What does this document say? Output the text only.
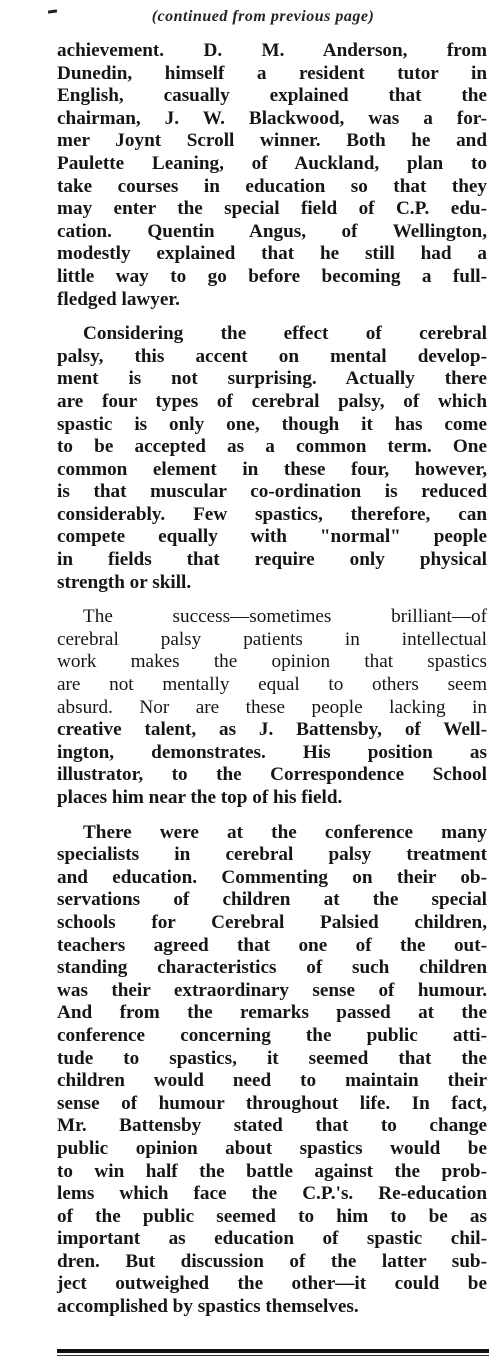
(continued from previous page)

achievement. D. M. Anderson, from
Dunedin, himself a resident tutor in
English, casually explained that the
chairman, J. W. Blackwood, was a for-
mer Joynt Scroll winner. Both he and
Paulette Leaning, of Auckland, plan to
take courses in education so that they
may enter the special field of C.P. edu-
cation. Quentin Angus, of Wellington,
modestly explained that he still had a
little way to go before becoming a full-
fledged lawyer.

Considering the effect of cerebral
palsy, this accent on mental develop-
ment is not surprising. Actually there
are four types of cerebral palsy, of which
spastic is only one, though it has come
to be accepted as a common term. One
common element in these four, however,
is that muscular co-ordination is reduced
considerably. Few spastics, therefore, can
compete equally with "normal" people
in fields that require only physical
strength or skill.

The success—sometimes brilliant—of
cerebral palsy patients in intellectual
work makes the opinion that spastics
are not mentally equal to others seem
absurd. Nor are these people lacking in
creative talent, as J. Battensby, of Well-
ington, demonstrates. His position as
illustrator, to the Correspondence School
places him near the top of his field.

There were at the conference many
specialists in cerebral palsy treatment
and education. Commenting on their ob-
servations of children at the special
schools for Cerebral Palsied children,
teachers agreed that one of the out-
standing characteristics of such children
was their extraordinary sense of humour.
And from the remarks passed at the
conference concerning the public atti-
tude to spastics, it seemed that the
children would need to maintain their
sense of humour throughout life. In fact,
Mr. Battensby stated that to change
public opinion about spastics would be
to win half the battle against the prob-
lems which face the C.P.'s. Re-education
of the public seemed to him to be as
important as education of spastic chil-
dren. But discussion of the latter sub-
ject outweighed the other—it could be
accomplished by spastics themselves.
